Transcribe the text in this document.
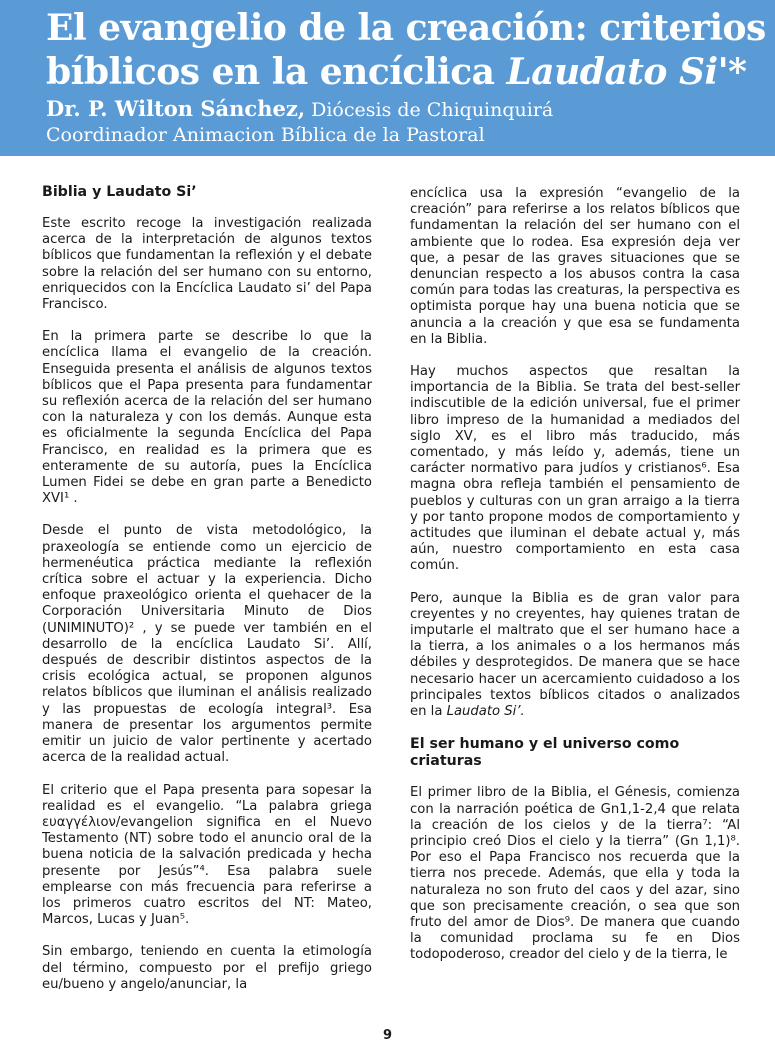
El evangelio de la creación: criterios
bíblicos en la encíclica Laudato Si'*
Dr. P. Wilton Sánchez, Diócesis de Chiquinquirá
Coordinador Animacion Bíblica de la Pastoral
Biblia y Laudato Si’

Este escrito recoge la investigación realizada acerca de la interpretación de algunos textos bíblicos que fundamentan la reflexión y el debate sobre la relación del ser humano con su entorno, enriquecidos con la Encíclica Laudato si’ del Papa Francisco.

En la primera parte se describe lo que la encíclica llama el evangelio de la creación. Enseguida presenta el análisis de algunos textos bíblicos que el Papa presenta para fundamentar su reflexión acerca de la relación del ser humano con la naturaleza y con los demás. Aunque esta es oficialmente la segunda Encíclica del Papa Francisco, en realidad es la primera que es enteramente de su autoría, pues la Encíclica Lumen Fidei se debe en gran parte a Benedicto XVI¹ .

Desde el punto de vista metodológico, la praxeología se entiende como un ejercicio de hermenéutica práctica mediante la reflexión crítica sobre el actuar y la experiencia. Dicho enfoque praxeológico orienta el quehacer de la Corporación Universitaria Minuto de Dios (UNIMINUTO)² , y se puede ver también en el desarrollo de la encíclica Laudato Si’. Allí, después de describir distintos aspectos de la crisis ecológica actual, se proponen algunos relatos bíblicos que iluminan el análisis realizado y las propuestas de ecología integral³. Esa manera de presentar los argumentos permite emitir un juicio de valor pertinente y acertado acerca de la realidad actual.

El criterio que el Papa presenta para sopesar la realidad es el evangelio. “La palabra griega ευαγγέλιον/evangelion significa en el Nuevo Testamento (NT) sobre todo el anuncio oral de la buena noticia de la salvación predicada y hecha presente por Jesús”⁴. Esa palabra suele emplearse con más frecuencia para referirse a los primeros cuatro escritos del NT: Mateo, Marcos, Lucas y Juan⁵.

Sin embargo, teniendo en cuenta la etimología del término, compuesto por el prefijo griego eu/bueno y angelo/anunciar, la

encíclica usa la expresión “evangelio de la creación” para referirse a los relatos bíblicos que fundamentan la relación del ser humano con el ambiente que lo rodea. Esa expresión deja ver que, a pesar de las graves situaciones que se denuncian respecto a los abusos contra la casa común para todas las creaturas, la perspectiva es optimista porque hay una buena noticia que se anuncia a la creación y que esa se fundamenta en la Biblia.

Hay muchos aspectos que resaltan la importancia de la Biblia. Se trata del best-seller indiscutible de la edición universal, fue el primer libro impreso de la humanidad a mediados del siglo XV, es el libro más traducido, más comentado, y más leído y, además, tiene un carácter normativo para judíos y cristianos⁶. Esa magna obra refleja también el pensamiento de pueblos y culturas con un gran arraigo a la tierra y por tanto propone modos de comportamiento y actitudes que iluminan el debate actual y, más aún, nuestro comportamiento en esta casa común.

Pero, aunque la Biblia es de gran valor para creyentes y no creyentes, hay quienes tratan de imputarle el maltrato que el ser humano hace a la tierra, a los animales o a los hermanos más débiles y desprotegidos. De manera que se hace necesario hacer un acercamiento cuidadoso a los principales textos bíblicos citados o analizados en la Laudato Si’.

El ser humano y el universo como criaturas

El primer libro de la Biblia, el Génesis, comienza con la narración poética de Gn1,1-2,4 que relata la creación de los cielos y de la tierra⁷: “Al principio creó Dios el cielo y la tierra” (Gn 1,1)⁸. Por eso el Papa Francisco nos recuerda que la tierra nos precede. Además, que ella y toda la naturaleza no son fruto del caos y del azar, sino que son precisamente creación, o sea que son fruto del amor de Dios⁹. De manera que cuando la comunidad proclama su fe en Dios todopoderoso, creador del cielo y de la tierra, le

9
